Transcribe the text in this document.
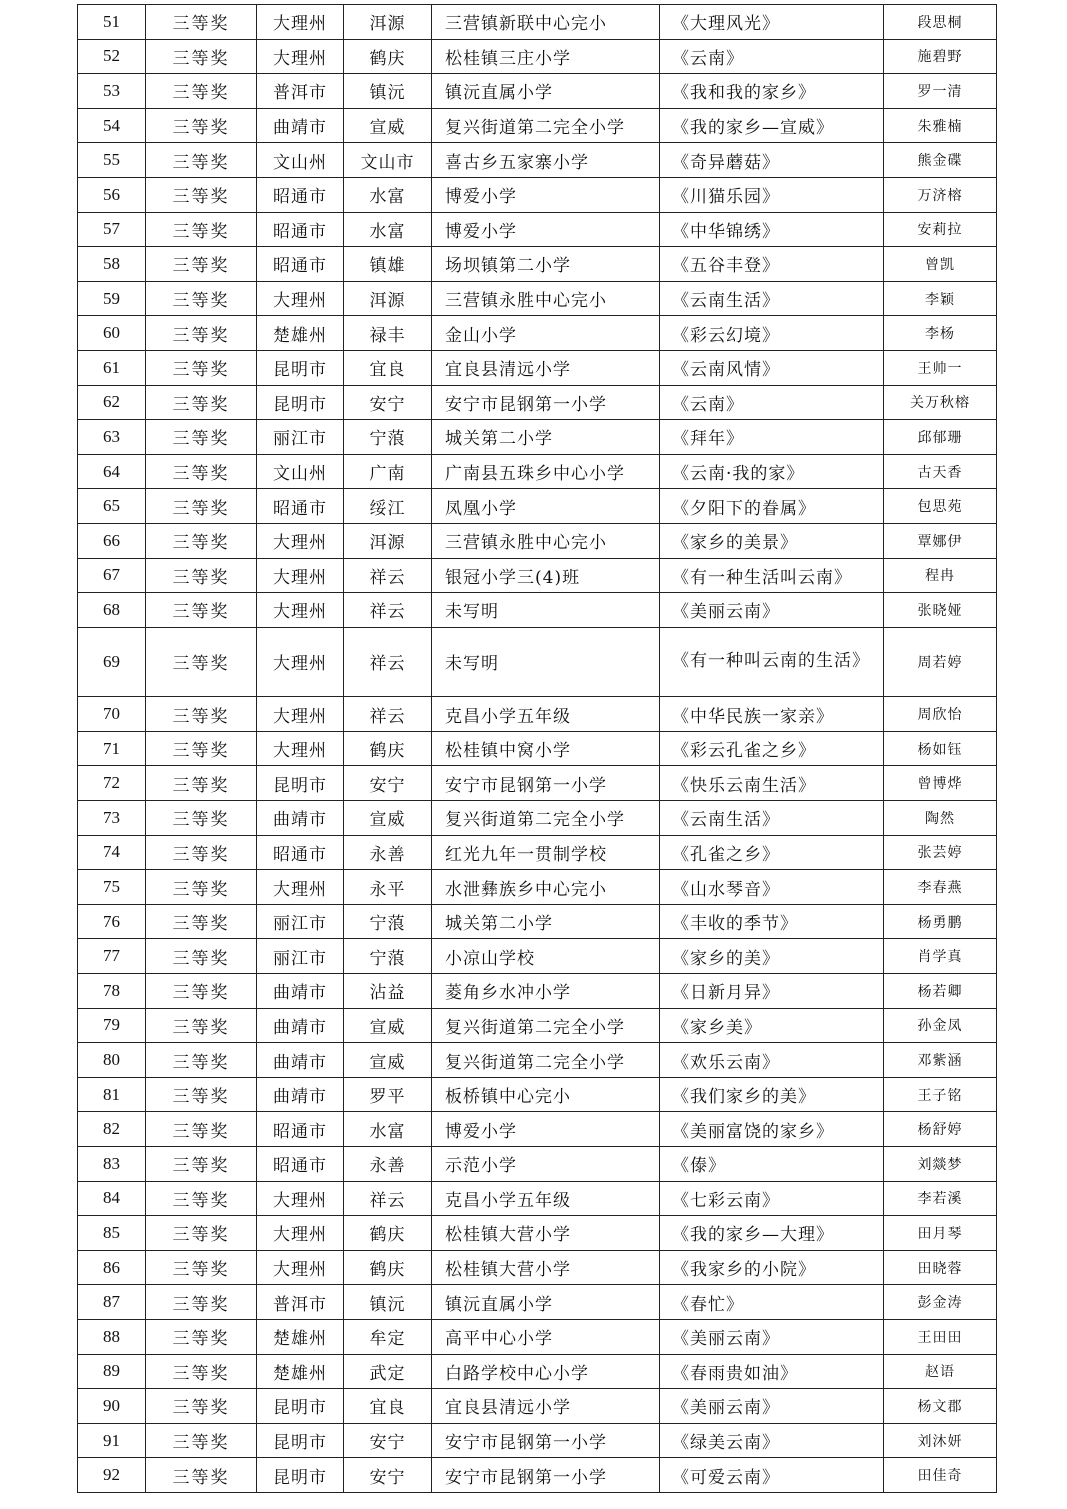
51	三等奖	大理州	洱源	三营镇新联中心完小	《大理风光》	段思桐
52	三等奖	大理州	鹤庆	松桂镇三庄小学	《云南》	施碧野
53	三等奖	普洱市	镇沅	镇沅直属小学	《我和我的家乡》	罗一清
54	三等奖	曲靖市	宣威	复兴街道第二完全小学	《我的家乡—宣威》	朱雅楠
55	三等奖	文山州	文山市	喜古乡五家寨小学	《奇异蘑菇》	熊金碟
56	三等奖	昭通市	水富	博爱小学	《川猫乐园》	万济榕
57	三等奖	昭通市	水富	博爱小学	《中华锦绣》	安莉拉
58	三等奖	昭通市	镇雄	场坝镇第二小学	《五谷丰登》	曾凯
59	三等奖	大理州	洱源	三营镇永胜中心完小	《云南生活》	李颖
60	三等奖	楚雄州	禄丰	金山小学	《彩云幻境》	李杨
61	三等奖	昆明市	宜良	宜良县清远小学	《云南风情》	王帅一
62	三等奖	昆明市	安宁	安宁市昆钢第一小学	《云南》	关万秋榕
63	三等奖	丽江市	宁蒗	城关第二小学	《拜年》	邱郁珊
64	三等奖	文山州	广南	广南县五珠乡中心小学	《云南·我的家》	古天香
65	三等奖	昭通市	绥江	凤凰小学	《夕阳下的眷属》	包思苑
66	三等奖	大理州	洱源	三营镇永胜中心完小	《家乡的美景》	覃娜伊
67	三等奖	大理州	祥云	银冠小学三(4)班	《有一种生活叫云南》	程冉
68	三等奖	大理州	祥云	未写明	《美丽云南》	张晓娅
69	三等奖	大理州	祥云	未写明	《有一种叫云南的生活》	周若婷
70	三等奖	大理州	祥云	克昌小学五年级	《中华民族一家亲》	周欣怡
71	三等奖	大理州	鹤庆	松桂镇中窝小学	《彩云孔雀之乡》	杨如钰
72	三等奖	昆明市	安宁	安宁市昆钢第一小学	《快乐云南生活》	曾博烨
73	三等奖	曲靖市	宣威	复兴街道第二完全小学	《云南生活》	陶然
74	三等奖	昭通市	永善	红光九年一贯制学校	《孔雀之乡》	张芸婷
75	三等奖	大理州	永平	水泄彝族乡中心完小	《山水琴音》	李春燕
76	三等奖	丽江市	宁蒗	城关第二小学	《丰收的季节》	杨勇鹏
77	三等奖	丽江市	宁蒗	小凉山学校	《家乡的美》	肖学真
78	三等奖	曲靖市	沾益	菱角乡水冲小学	《日新月异》	杨若卿
79	三等奖	曲靖市	宣威	复兴街道第二完全小学	《家乡美》	孙金凤
80	三等奖	曲靖市	宣威	复兴街道第二完全小学	《欢乐云南》	邓紫涵
81	三等奖	曲靖市	罗平	板桥镇中心完小	《我们家乡的美》	王子铭
82	三等奖	昭通市	水富	博爱小学	《美丽富饶的家乡》	杨舒婷
83	三等奖	昭通市	永善	示范小学	《傣》	刘燚梦
84	三等奖	大理州	祥云	克昌小学五年级	《七彩云南》	李若溪
85	三等奖	大理州	鹤庆	松桂镇大营小学	《我的家乡—大理》	田月琴
86	三等奖	大理州	鹤庆	松桂镇大营小学	《我家乡的小院》	田晓蓉
87	三等奖	普洱市	镇沅	镇沅直属小学	《春忙》	彭金涛
88	三等奖	楚雄州	牟定	高平中心小学	《美丽云南》	王田田
89	三等奖	楚雄州	武定	白路学校中心小学	《春雨贵如油》	赵语
90	三等奖	昆明市	宜良	宜良县清远小学	《美丽云南》	杨文郡
91	三等奖	昆明市	安宁	安宁市昆钢第一小学	《绿美云南》	刘沐妍
92	三等奖	昆明市	安宁	安宁市昆钢第一小学	《可爱云南》	田佳奇
